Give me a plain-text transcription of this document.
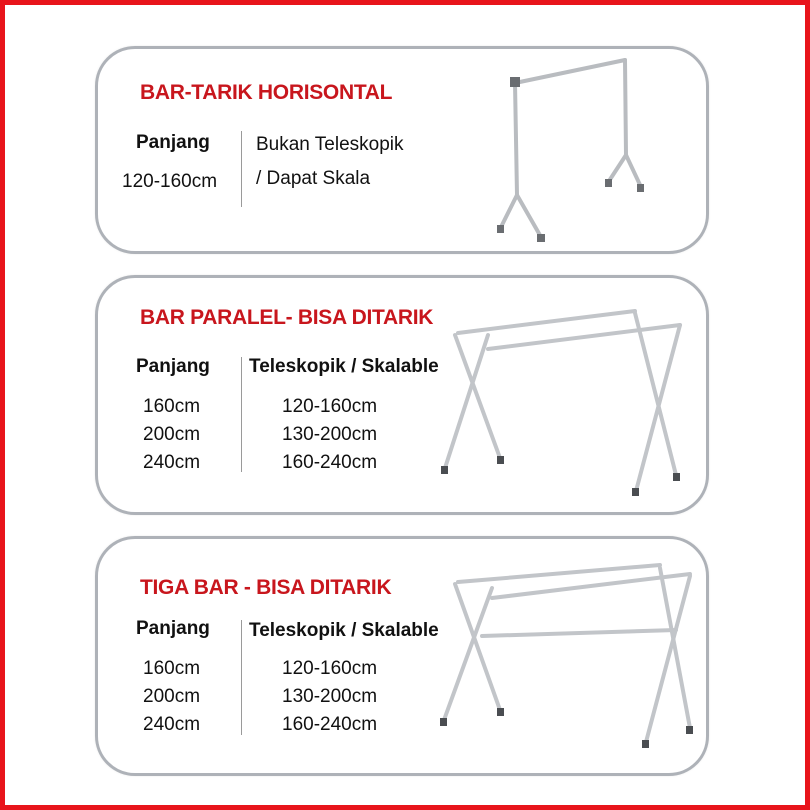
BAR-TARIK HORISONTAL
Panjang
120-160cm
Bukan Teleskopik
/ Dapat Skala
BAR PARALEL- BISA DITARIK
Panjang Teleskopik / Skalable
160cm
200cm
240cm
120-160cm
130-200cm
160-240cm
TIGA BAR - BISA DITARIK
Panjang Teleskopik / Skalable
160cm
200cm
240cm
120-160cm
130-200cm
160-240cm
